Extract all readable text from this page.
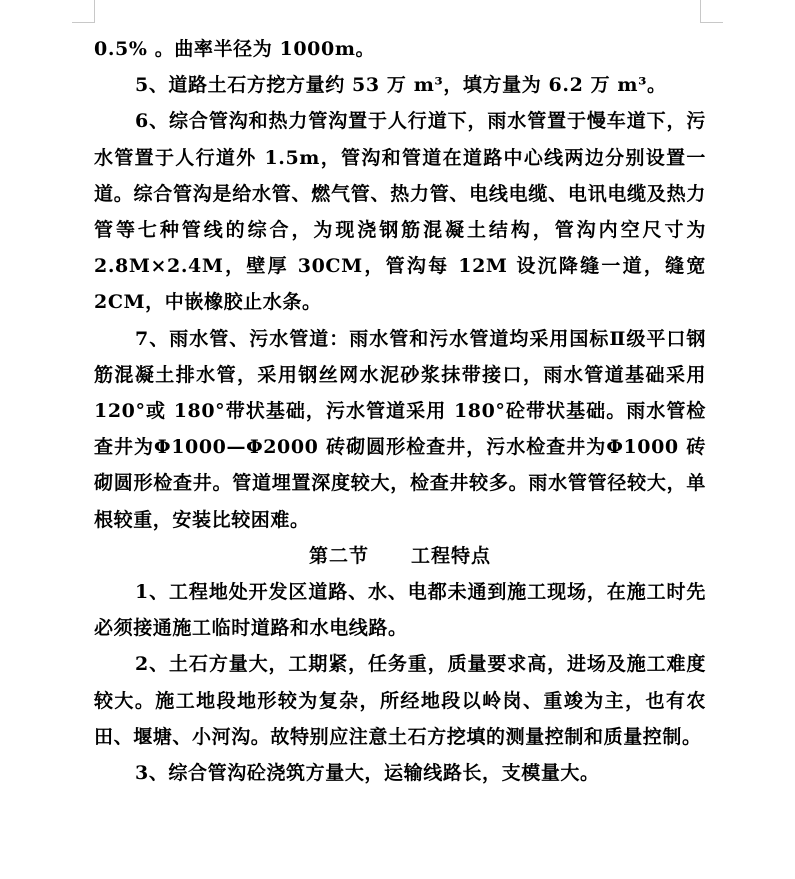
0.5% 。曲率半径为 1000m。

5、道路土石方挖方量约 53 万 m³，填方量为 6.2 万 m³。

6、综合管沟和热力管沟置于人行道下，雨水管置于慢车道下，污水管置于人行道外 1.5m，管沟和管道在道路中心线两边分别设置一道。综合管沟是给水管、燃气管、热力管、电线电缆、电讯电缆及热力管等七种管线的综合，为现浇钢筋混凝土结构，管沟内空尺寸为 2.8M×2.4M，壁厚 30CM，管沟每 12M 设沉降缝一道，缝宽 2CM，中嵌橡胶止水条。

7、雨水管、污水管道：雨水管和污水管道均采用国标Ⅱ级平口钢筋混凝土排水管，采用钢丝网水泥砂浆抹带接口，雨水管道基础采用 120°或 180°带状基础，污水管道采用 180°砼带状基础。雨水管检查井为Φ1000—Φ2000 砖砌圆形检查井，污水检查井为Φ1000 砖砌圆形检查井。管道埋置深度较大，检查井较多。雨水管管径较大，单根较重，安装比较困难。

第二节 工程特点

1、工程地处开发区道路、水、电都未通到施工现场，在施工时先必须接通施工临时道路和水电线路。

2、土石方量大，工期紧，任务重，质量要求高，进场及施工难度较大。施工地段地形较为复杂，所经地段以岭岗、重竣为主，也有农田、堰塘、小河沟。故特别应注意土石方挖填的测量控制和质量控制。

3、综合管沟砼浇筑方量大，运输线路长，支模量大。
